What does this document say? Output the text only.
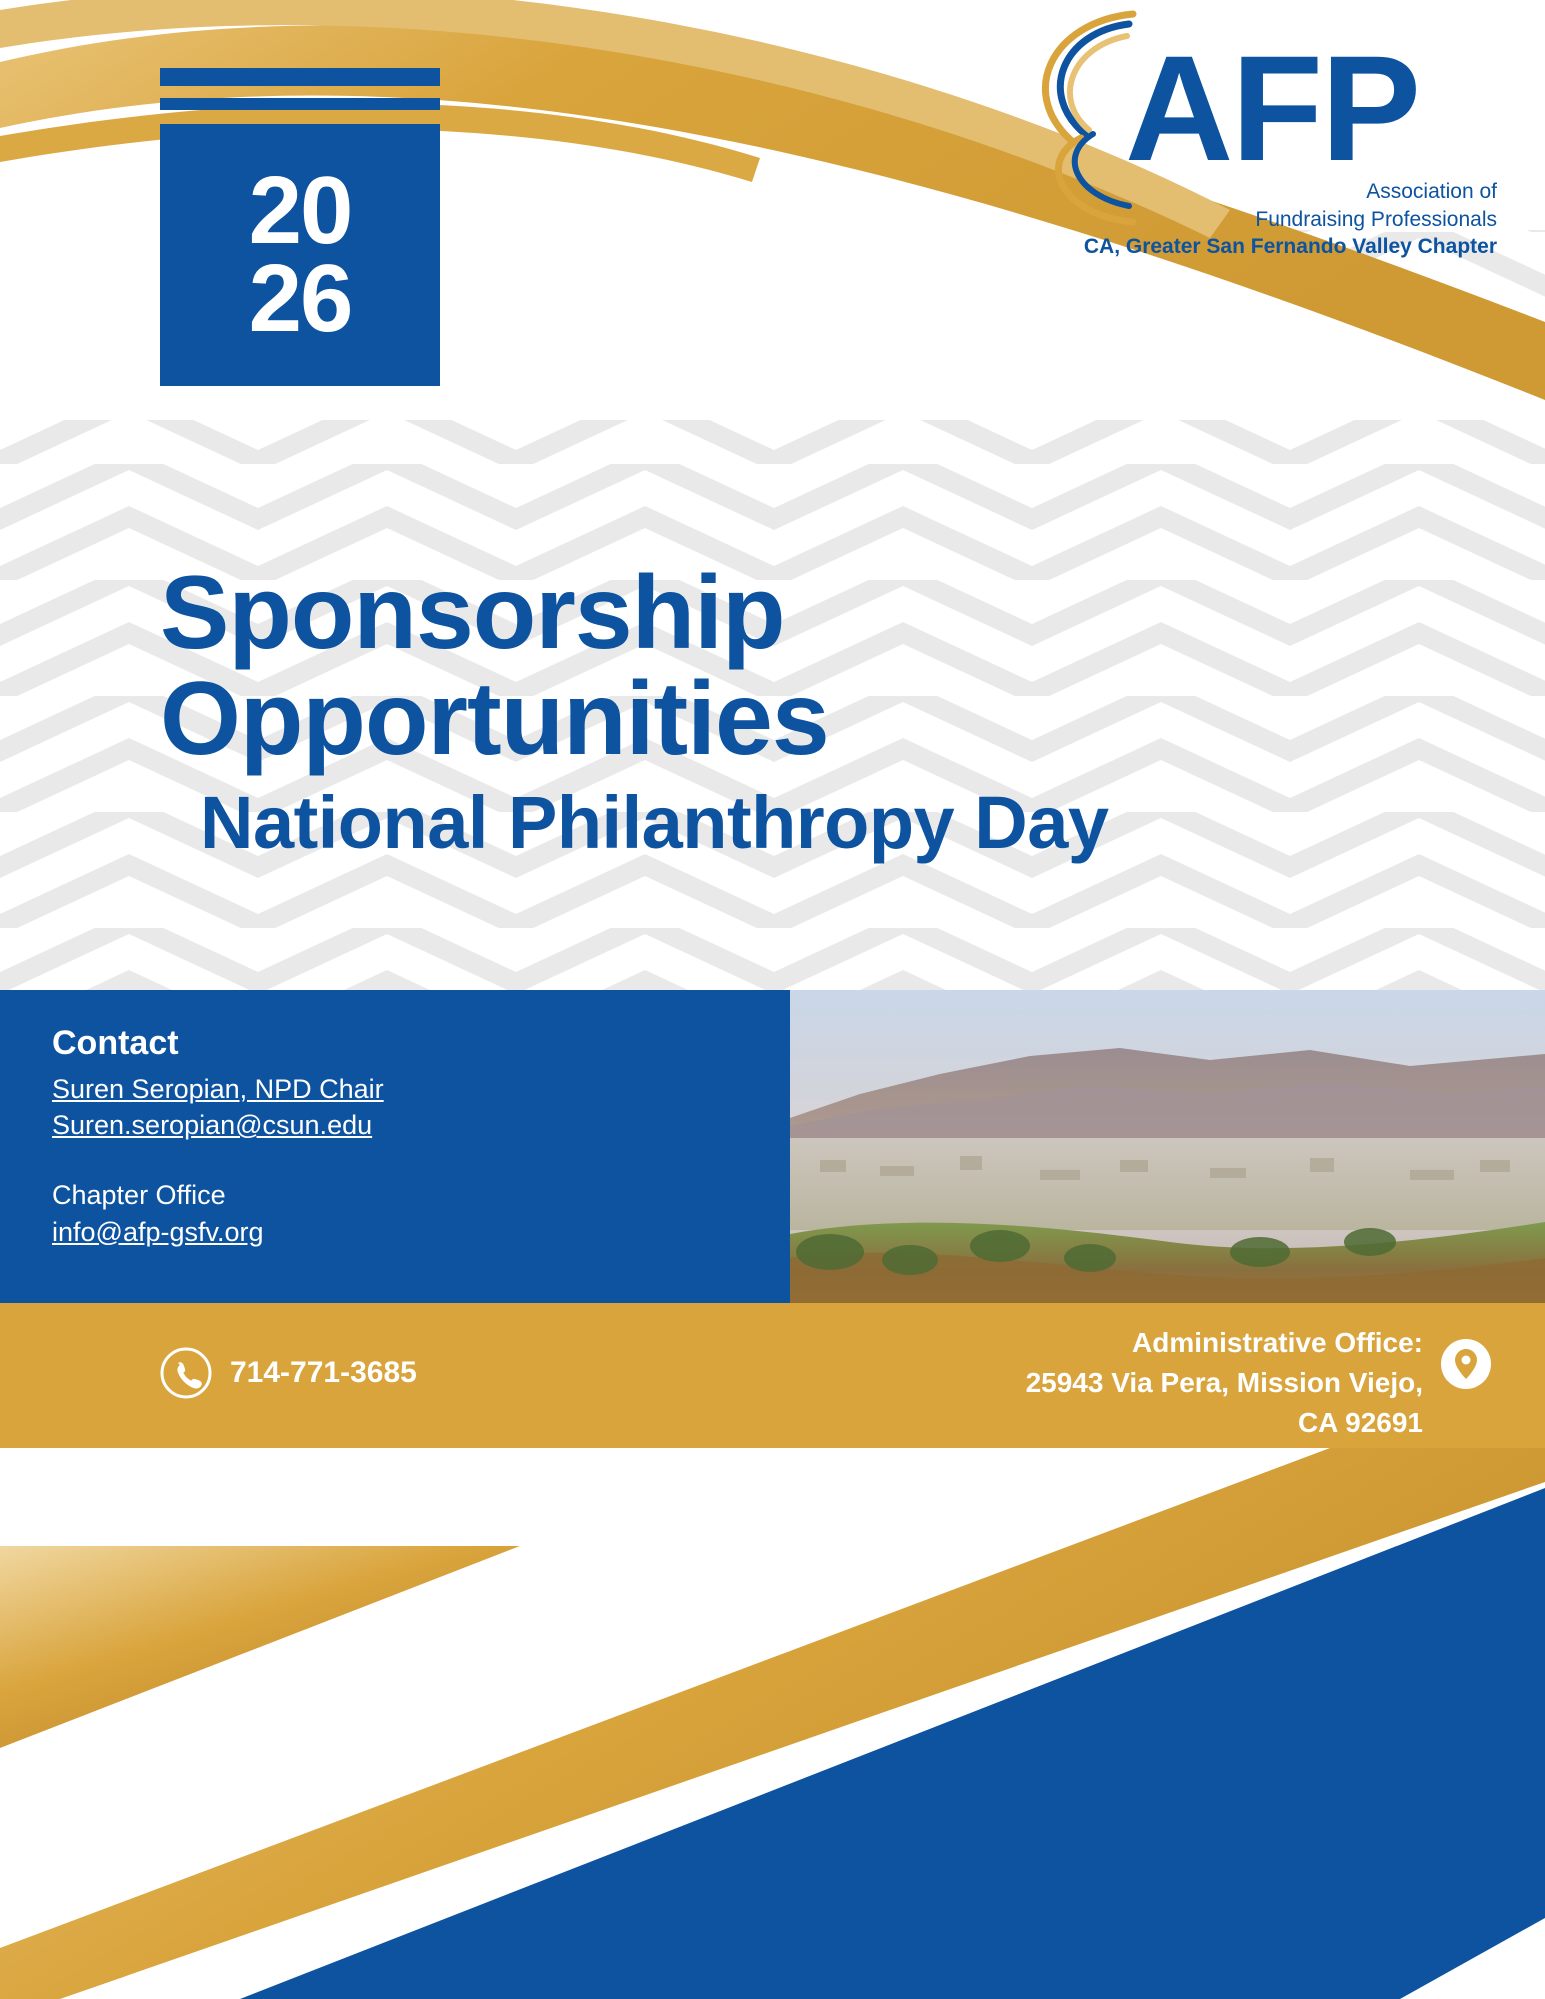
20
26
AFP
Association of
Fundraising Professionals
CA, Greater San Fernando Valley Chapter
Sponsorship
Opportunities
National Philanthropy Day
Contact
Suren Seropian, NPD Chair
Suren.seropian@csun.edu
Chapter Office
info@afp-gsfv.org
714-771-3685
Administrative Office:
25943 Via Pera, Mission Viejo,
CA 92691
